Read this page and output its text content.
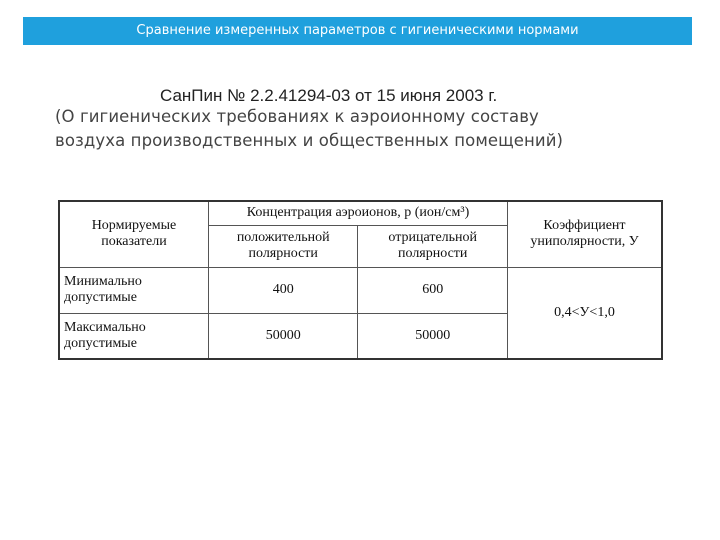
Сравнение измеренных параметров с гигиеническими нормами
СанПин № 2.2.41294-03 от 15 июня 2003 г.
(О гигиенических требованиях к аэроионному составу
воздуха производственных и общественных помещений)
Нормируемые показатели	Концентрация аэроионов, р (ион/см³)		Коэффициент униполярности, У
	положительной полярности	отрицательной полярности	
Минимально допустимые	400	600	0,4<У<1,0
Максимально допустимые	50000	50000	
